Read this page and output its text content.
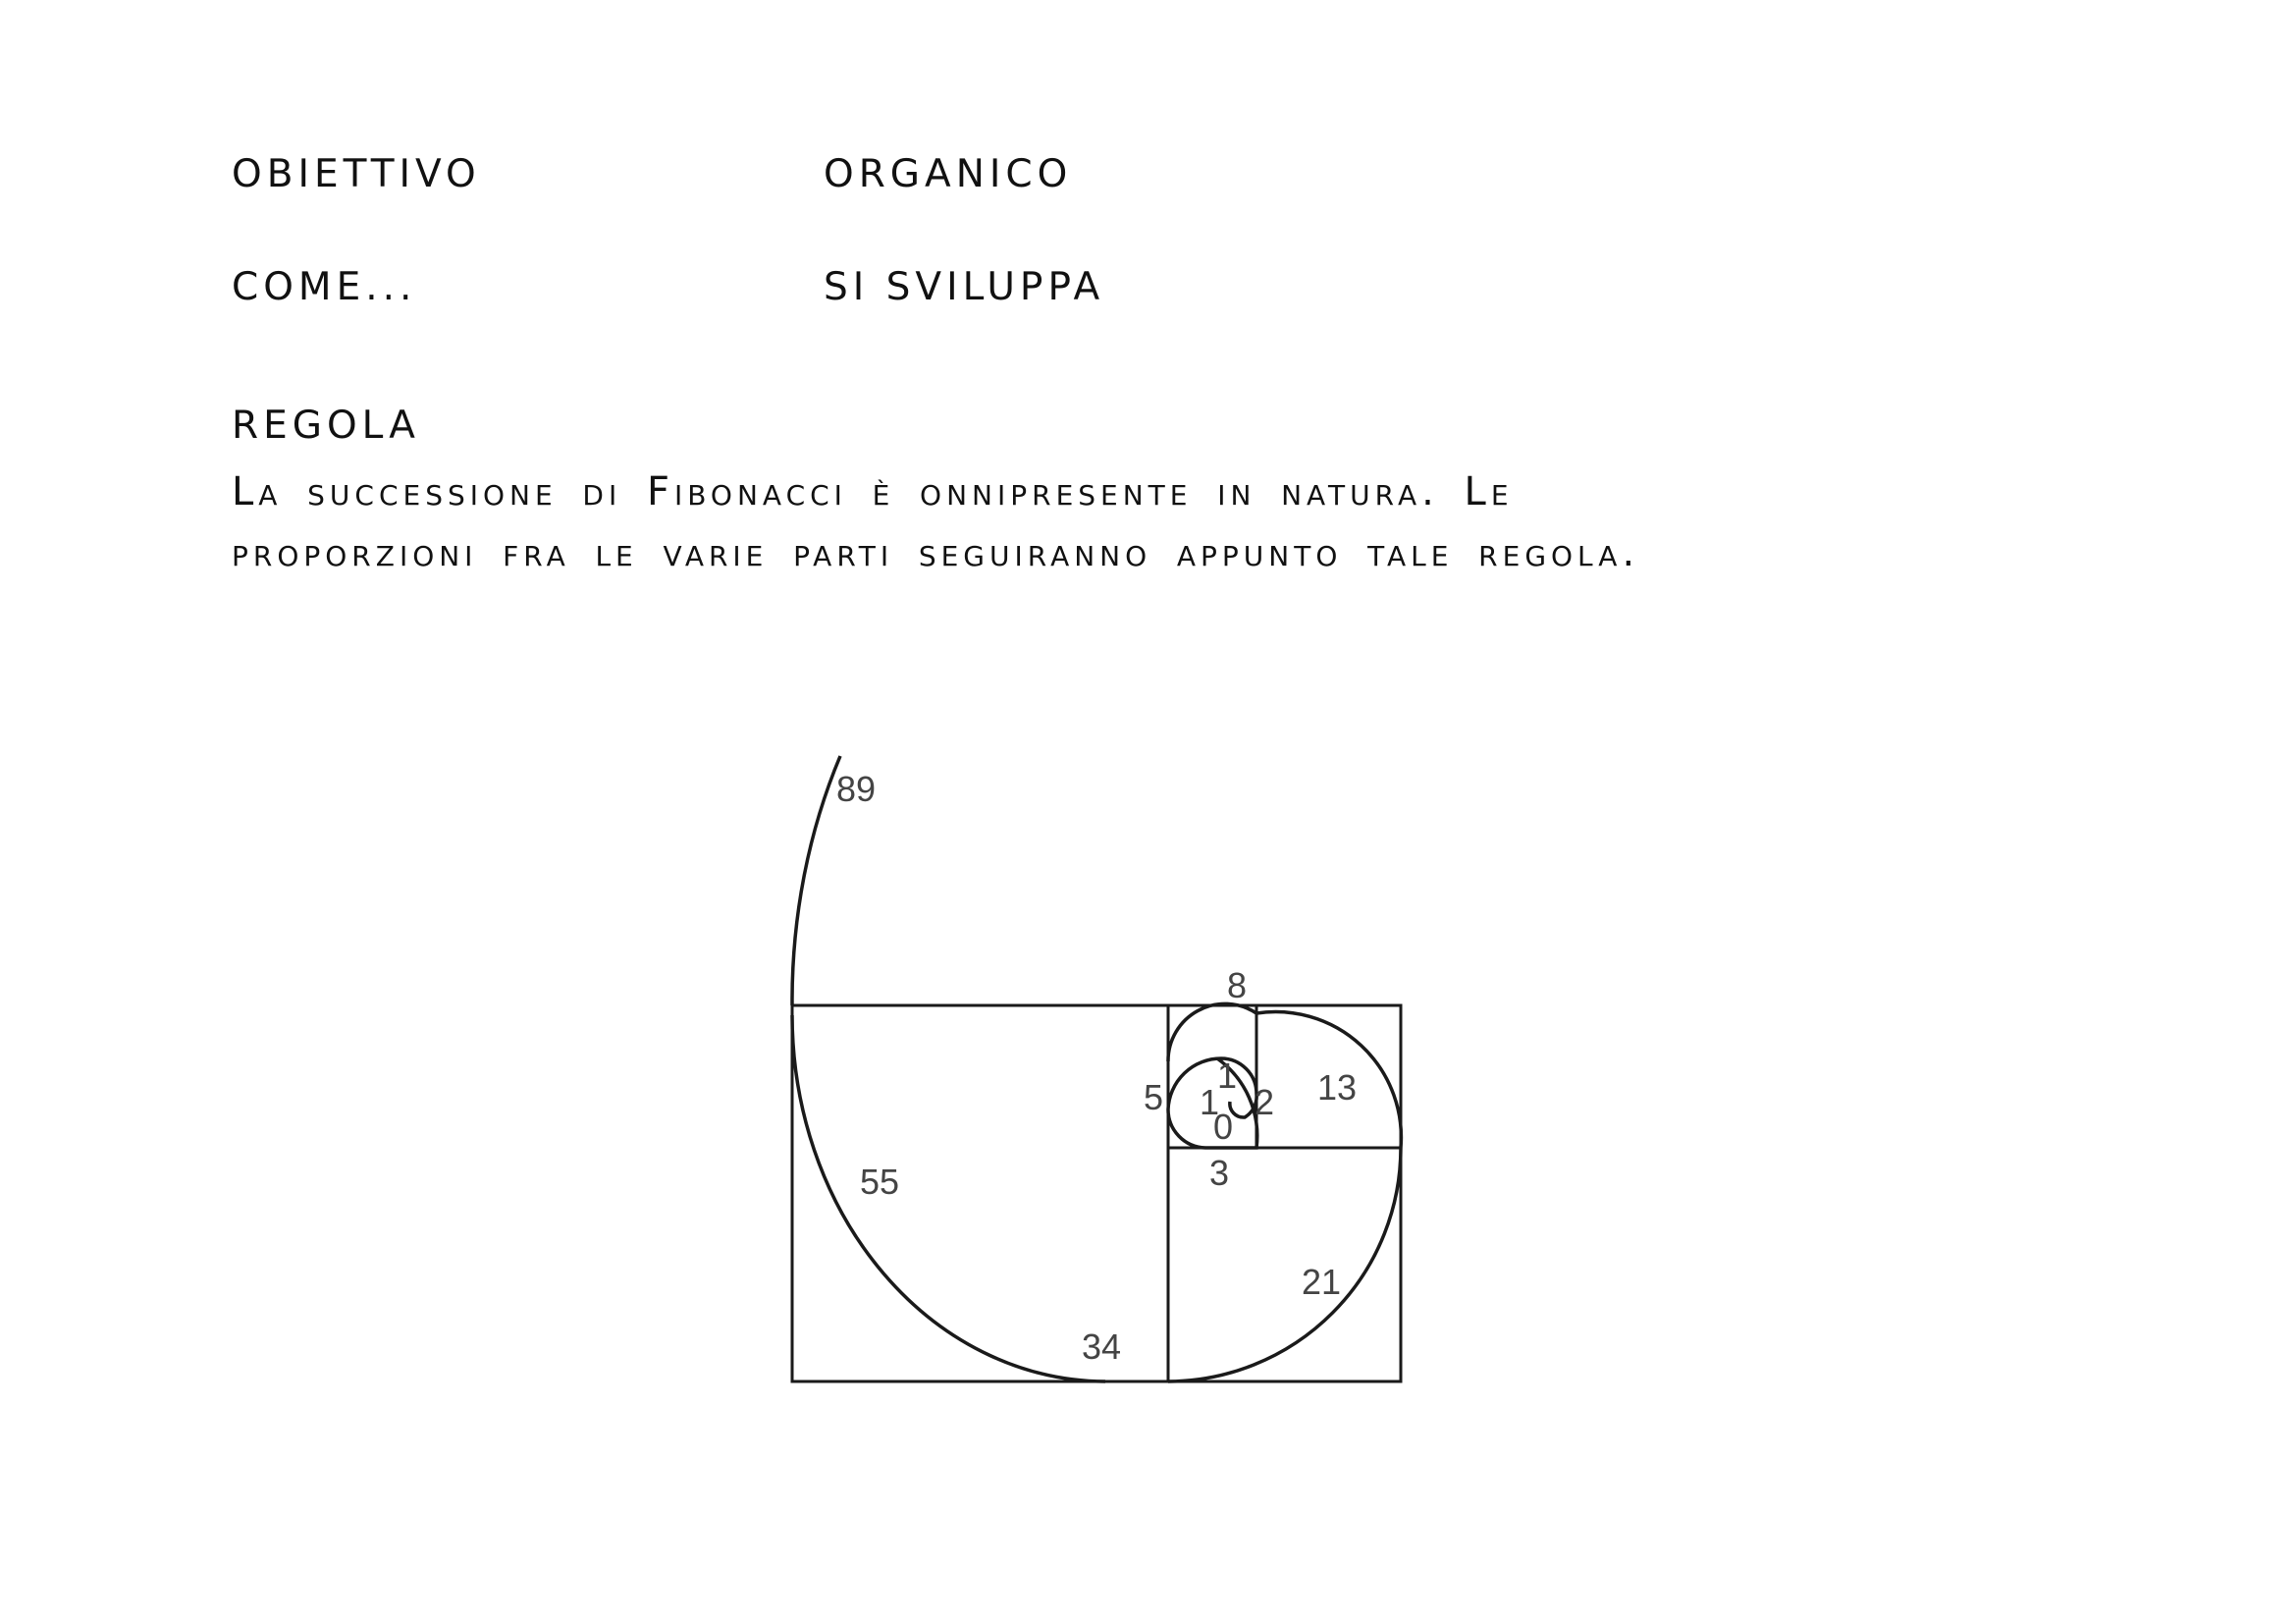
OBIETTIVO	ORGANICO
COME...	SI SVILUPPA
REGOLA
La successione di Fibonacci è onnipresente in natura. Le
proporzioni fra le varie parti seguiranno appunto tale regola.
89
8
1
1 2
0
5	13
3
55
21
34
